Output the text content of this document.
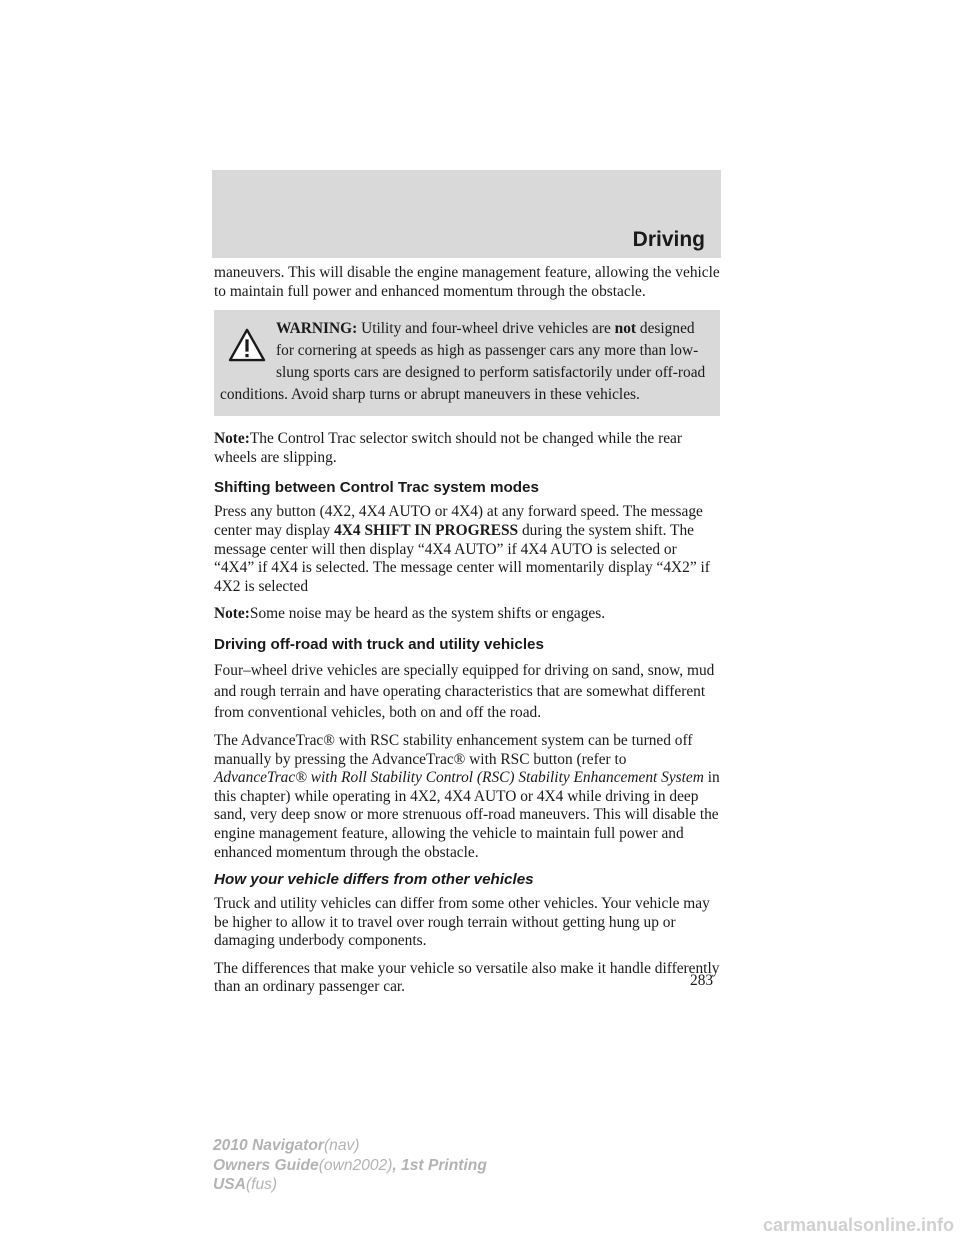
Driving

maneuvers. This will disable the engine management feature, allowing the vehicle to maintain full power and enhanced momentum through the obstacle.

WARNING: Utility and four-wheel drive vehicles are not designed for cornering at speeds as high as passenger cars any more than low-slung sports cars are designed to perform satisfactorily under off-road conditions. Avoid sharp turns or abrupt maneuvers in these vehicles.

Note:The Control Trac selector switch should not be changed while the rear wheels are slipping.

Shifting between Control Trac system modes

Press any button (4X2, 4X4 AUTO or 4X4) at any forward speed. The message center may display 4X4 SHIFT IN PROGRESS during the system shift. The message center will then display “4X4 AUTO” if 4X4 AUTO is selected or “4X4” if 4X4 is selected. The message center will momentarily display “4X2” if 4X2 is selected

Note:Some noise may be heard as the system shifts or engages.

Driving off-road with truck and utility vehicles

Four–wheel drive vehicles are specially equipped for driving on sand, snow, mud and rough terrain and have operating characteristics that are somewhat different from conventional vehicles, both on and off the road.

The AdvanceTrac® with RSC stability enhancement system can be turned off manually by pressing the AdvanceTrac® with RSC button (refer to AdvanceTrac® with Roll Stability Control (RSC) Stability Enhancement System in this chapter) while operating in 4X2, 4X4 AUTO or 4X4 while driving in deep sand, very deep snow or more strenuous off-road maneuvers. This will disable the engine management feature, allowing the vehicle to maintain full power and enhanced momentum through the obstacle.

How your vehicle differs from other vehicles

Truck and utility vehicles can differ from some other vehicles. Your vehicle may be higher to allow it to travel over rough terrain without getting hung up or damaging underbody components.

The differences that make your vehicle so versatile also make it handle differently than an ordinary passenger car.	283
2010 Navigator(nav)
Owners Guide(own2002), 1st Printing
USA(fus)
carmanualsonline.info
